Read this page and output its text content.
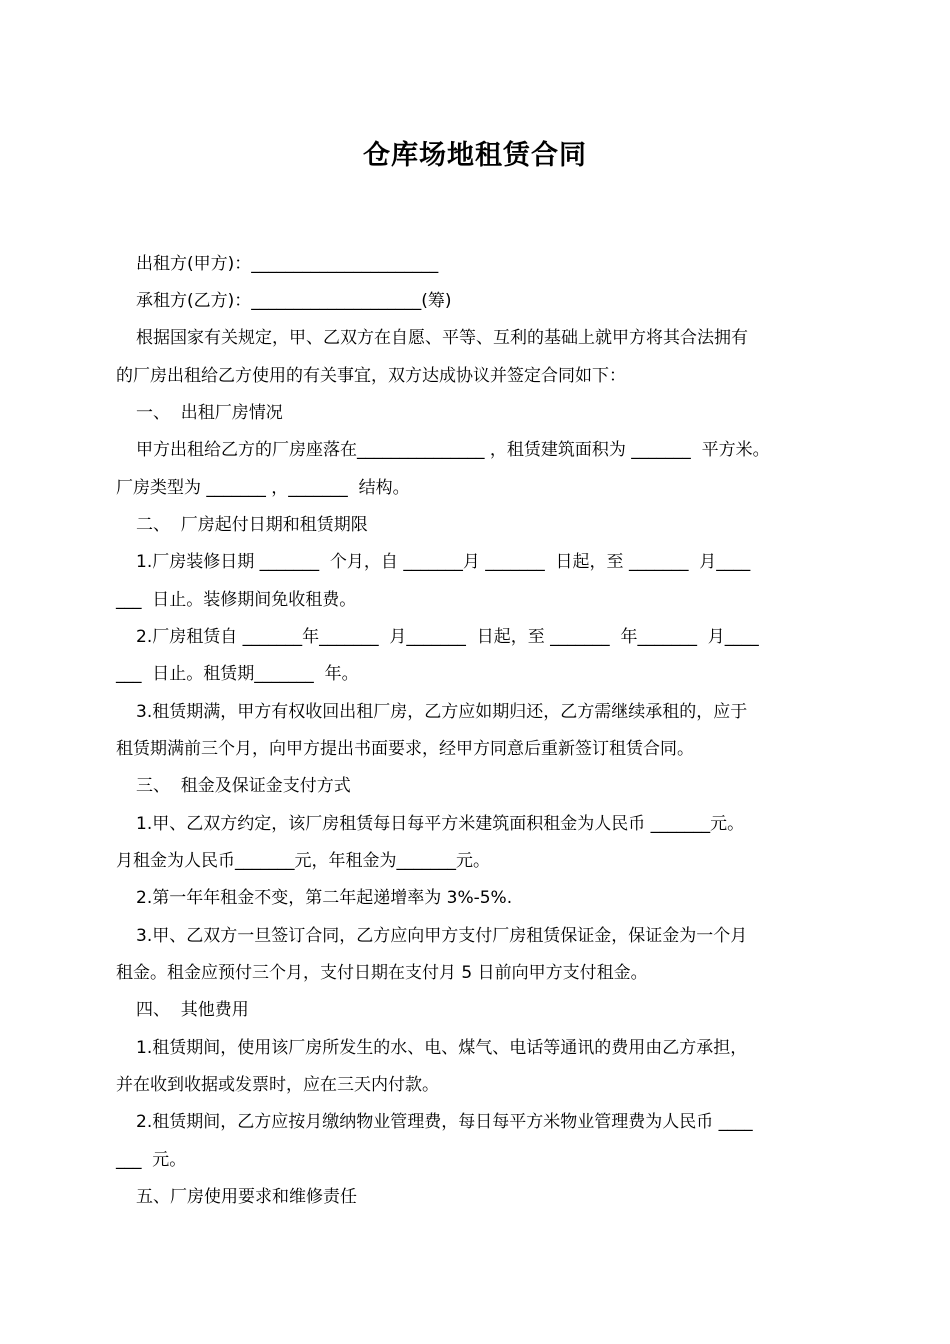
仓库场地租赁合同
出租方(甲方)：______________________
承租方(乙方)：____________________(筹)
根据国家有关规定，甲、乙双方在自愿、平等、互利的基础上就甲方将其合法拥有
的厂房出租给乙方使用的有关事宜，双方达成协议并签定合同如下：
一、  出租厂房情况
甲方出租给乙方的厂房座落在_______________ ，租赁建筑面积为 _______  平方米。
厂房类型为 _______ ，_______  结构。
二、  厂房起付日期和租赁期限
1.厂房装修日期 _______  个月，自 _______月 _______  日起，至 _______  月____
___  日止。装修期间免收租费。
2.厂房租赁自 _______年_______  月_______  日起，至 _______  年_______  月____
___  日止。租赁期_______  年。
3.租赁期满，甲方有权收回出租厂房，乙方应如期归还，乙方需继续承租的，应于
租赁期满前三个月，向甲方提出书面要求，经甲方同意后重新签订租赁合同。
三、  租金及保证金支付方式
1.甲、乙双方约定，该厂房租赁每日每平方米建筑面积租金为人民币 _______元。
月租金为人民币_______元，年租金为_______元。
2.第一年年租金不变，第二年起递增率为 3%-5%.
3.甲、乙双方一旦签订合同，乙方应向甲方支付厂房租赁保证金，保证金为一个月
租金。租金应预付三个月，支付日期在支付月 5 日前向甲方支付租金。
四、  其他费用
1.租赁期间，使用该厂房所发生的水、电、煤气、电话等通讯的费用由乙方承担，
并在收到收据或发票时，应在三天内付款。
2.租赁期间，乙方应按月缴纳物业管理费，每日每平方米物业管理费为人民币 ____
___  元。
五、厂房使用要求和维修责任
